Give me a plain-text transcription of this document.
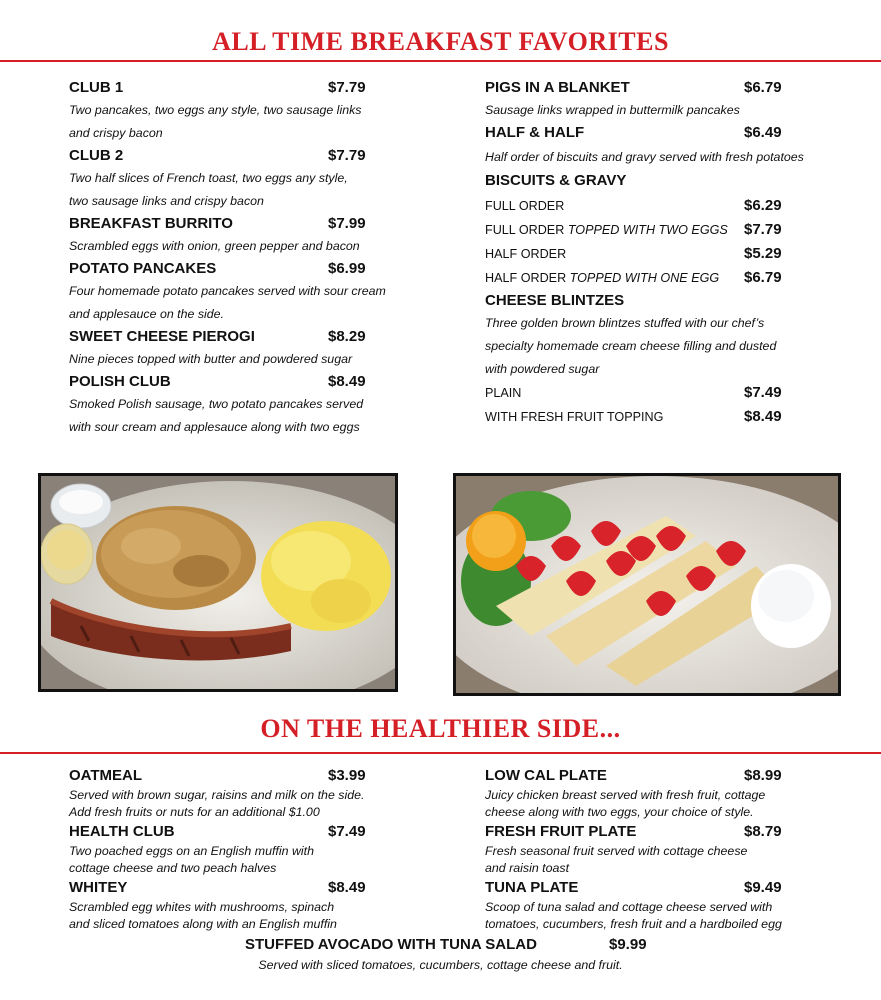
ALL TIME BREAKFAST FAVORITES
CLUB 1	$7.79
Two pancakes, two eggs any style, two sausage links
and crispy bacon
CLUB 2	$7.79
Two half slices of French toast, two eggs any style,
two sausage links and crispy bacon
BREAKFAST BURRITO	$7.99
Scrambled eggs with onion, green pepper and bacon
POTATO PANCAKES	$6.99
Four homemade potato pancakes served with sour cream
and applesauce on the side.
SWEET CHEESE PIEROGI	$8.29
Nine pieces topped with butter and powdered sugar
POLISH CLUB	$8.49
Smoked Polish sausage, two potato pancakes served
with sour cream and applesauce along with two eggs
PIGS IN A BLANKET	$6.79
Sausage links wrapped in buttermilk pancakes
HALF & HALF	$6.49
Half order of biscuits and gravy served with fresh potatoes
BISCUITS & GRAVY
FULL ORDER	$6.29
FULL ORDER TOPPED WITH TWO EGGS $7.79
HALF ORDER	$5.29
HALF ORDER TOPPED WITH ONE EGG $6.79
CHEESE BLINTZES
Three golden brown blintzes stuffed with our chef’s
specialty homemade cream cheese filling and dusted
with powdered sugar
PLAIN	$7.49
WITH FRESH FRUIT TOPPING	$8.49
ON THE HEALTHIER SIDE...
OATMEAL	$3.99
Served with brown sugar, raisins and milk on the side.
Add fresh fruits or nuts for an additional $1.00
HEALTH CLUB	$7.49
Two poached eggs on an English muffin with
cottage cheese and two peach halves
WHITEY	$8.49
Scrambled egg whites with mushrooms, spinach
and sliced tomatoes along with an English muffin
LOW CAL PLATE	$8.99
Juicy chicken breast served with fresh fruit, cottage
cheese along with two eggs, your choice of style.
FRESH FRUIT PLATE	$8.79
Fresh seasonal fruit served with cottage cheese
and raisin toast
TUNA PLATE	$9.49
Scoop of tuna salad and cottage cheese served with
tomatoes, cucumbers, fresh fruit and a hardboiled egg
STUFFED AVOCADO WITH TUNA SALAD	$9.99
Served with sliced tomatoes, cucumbers, cottage cheese and fruit.
